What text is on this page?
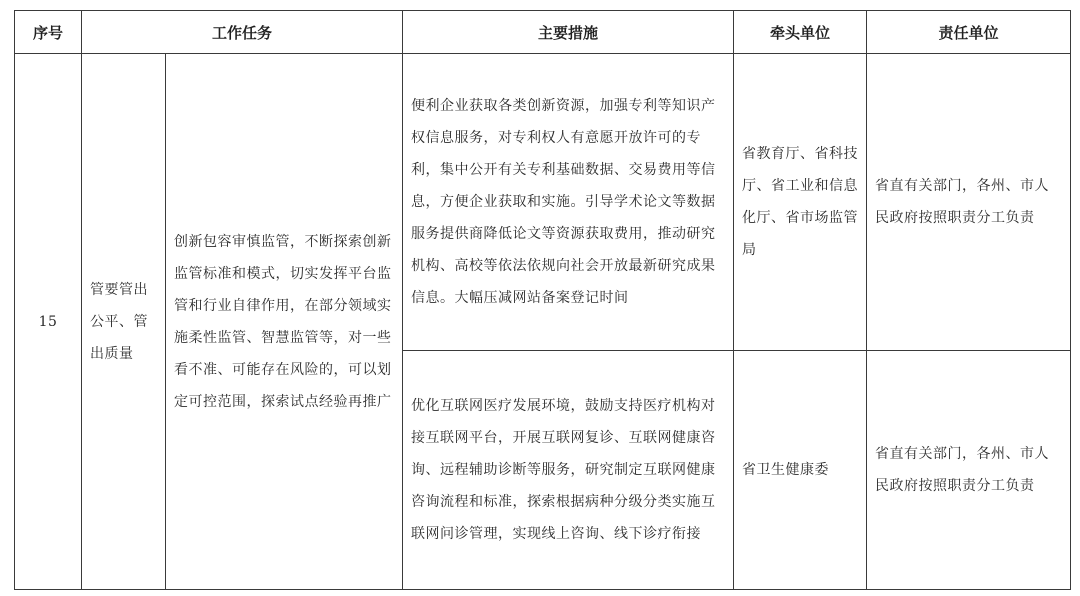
序号	工作任务		主要措施	牵头单位	责任单位
15	管要管出公平、管出质量	创新包容审慎监管，不断探索创新监管标准和模式，切实发挥平台监管和行业自律作用，在部分领域实施柔性监管、智慧监管等，对一些看不准、可能存在风险的，可以划定可控范围，探索试点经验再推广	便利企业获取各类创新资源，加强专利等知识产权信息服务，对专利权人有意愿开放许可的专利，集中公开有关专利基础数据、交易费用等信息，方便企业获取和实施。引导学术论文等数据服务提供商降低论文等资源获取费用，推动研究机构、高校等依法依规向社会开放最新研究成果信息。大幅压减网站备案登记时间	省教育厅、省科技厅、省工业和信息化厅、省市场监管局	省直有关部门，各州、市人民政府按照职责分工负责
			优化互联网医疗发展环境，鼓励支持医疗机构对接互联网平台，开展互联网复诊、互联网健康咨询、远程辅助诊断等服务，研究制定互联网健康咨询流程和标准，探索根据病种分级分类实施互联网问诊管理，实现线上咨询、线下诊疗衔接	省卫生健康委	省直有关部门，各州、市人民政府按照职责分工负责
